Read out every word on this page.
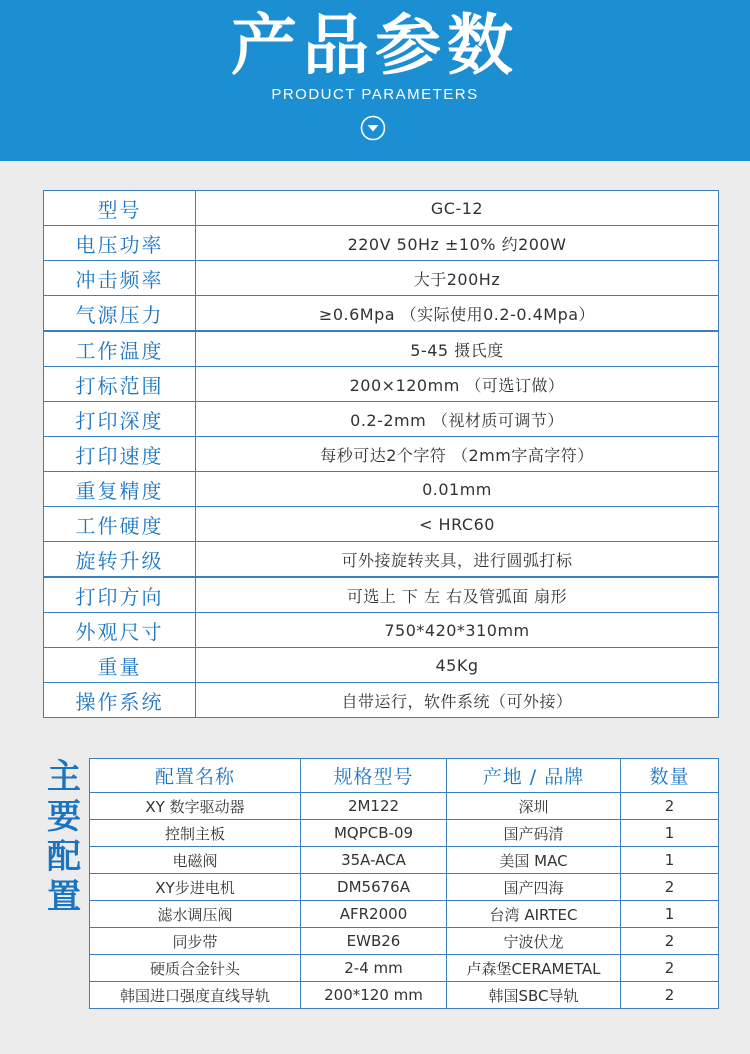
产品参数
PRODUCT PARAMETERS
型号	GC-12
电压功率	220V 50Hz ±10% 约200W
冲击频率	大于200Hz
气源压力	≥0.6Mpa （实际使用0.2-0.4Mpa）
工作温度	5-45 摄氏度
打标范围	200×120mm （可选订做）
打印深度	0.2-2mm （视材质可调节）
打印速度	每秒可达2个字符 （2mm字高字符）
重复精度	0.01mm
工件硬度	< HRC60
旋转升级	可外接旋转夹具，进行圆弧打标
打印方向	可选上 下 左 右及管弧面 扇形
外观尺寸	750*420*310mm
重量	45Kg
操作系统	自带运行，软件系统（可外接）
主
要
配
置
配置名称	规格型号	产地 / 品牌	数量
XY 数字驱动器	2M122	深圳	2
控制主板	MQPCB-09	国产码清	1
电磁阀	35A-ACA	美国 MAC	1
XY步进电机	DM5676A	国产四海	2
滤水调压阀	AFR2000	台湾 AIRTEC	1
同步带	EWB26	宁波伏龙	2
硬质合金针头	2-4 mm	卢森堡CERAMETAL	2
韩国进口强度直线导轨	200*120 mm	韩国SBC导轨	2
